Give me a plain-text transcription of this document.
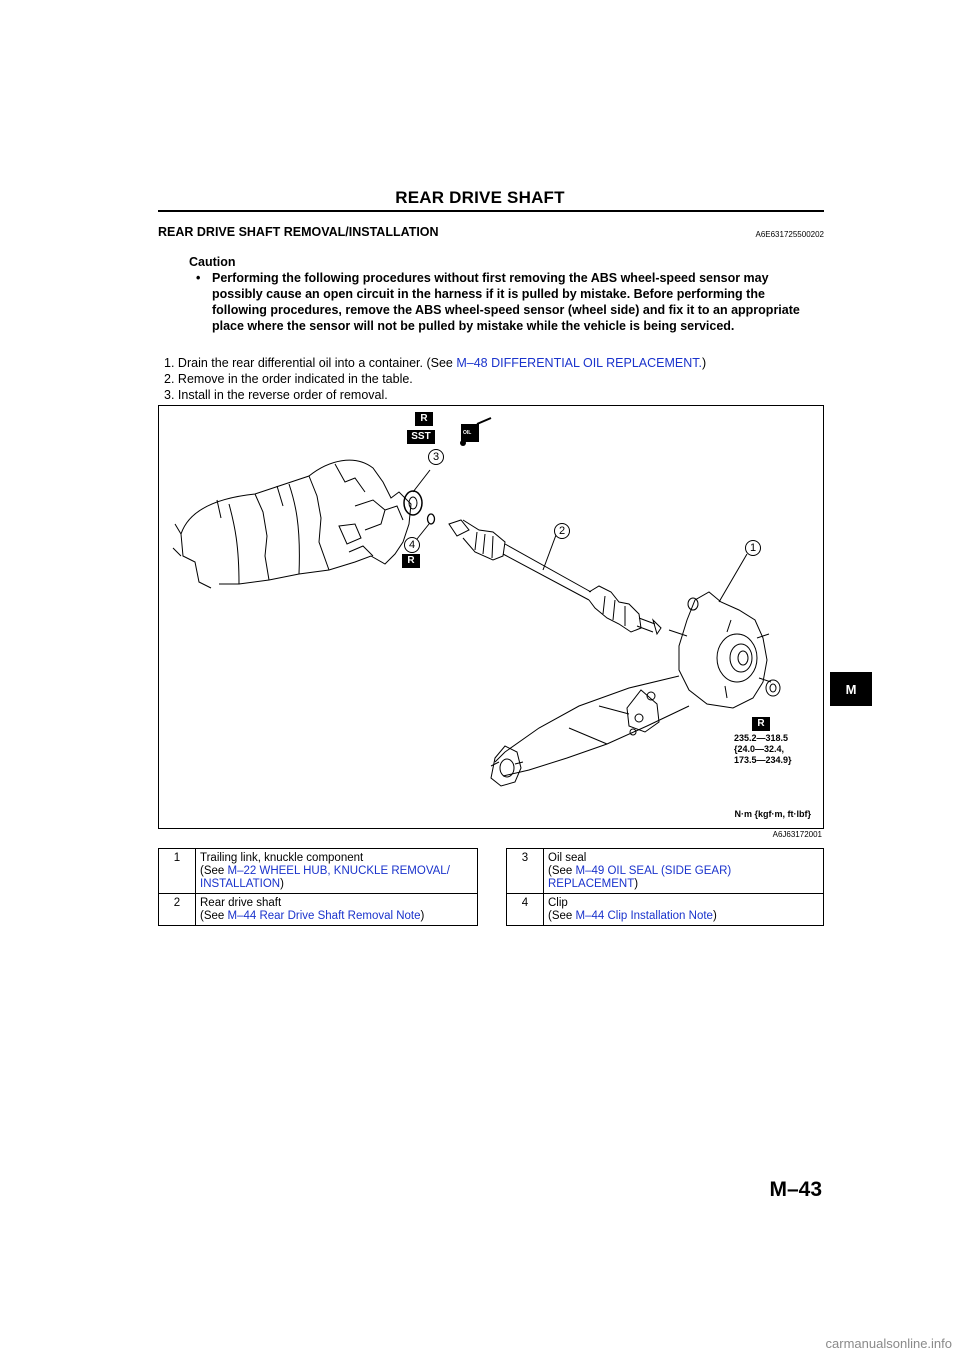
REAR DRIVE SHAFT
REAR DRIVE SHAFT REMOVAL/INSTALLATION	A6E631725500202
Caution
• Performing the following procedures without first removing the ABS wheel-speed sensor may possibly cause an open circuit in the harness if it is pulled by mistake. Before performing the following procedures, remove the ABS wheel-speed sensor (wheel side) and fix it to an appropriate place where the sensor will not be pulled by mistake while the vehicle is being serviced.
1. Drain the rear differential oil into a container. (See M–48 DIFFERENTIAL OIL REPLACEMENT.)
2. Remove in the order indicated in the table.
3. Install in the reverse order of removal.
3
4
2
1
R
SST	OIL
R
R
235.2—318.5
{24.0—32.4,
173.5—234.9}
N·m {kgf·m, ft·lbf}
A6J63172001
M
1	Trailing link, knuckle component
(See M–22 WHEEL HUB, KNUCKLE REMOVAL/ INSTALLATION)

2	Rear drive shaft
(See M–44 Rear Drive Shaft Removal Note)
3	Oil seal
(See M–49 OIL SEAL (SIDE GEAR) REPLACEMENT)

4	Clip
(See M–44 Clip Installation Note)
M–43
carmanualsonline.info
